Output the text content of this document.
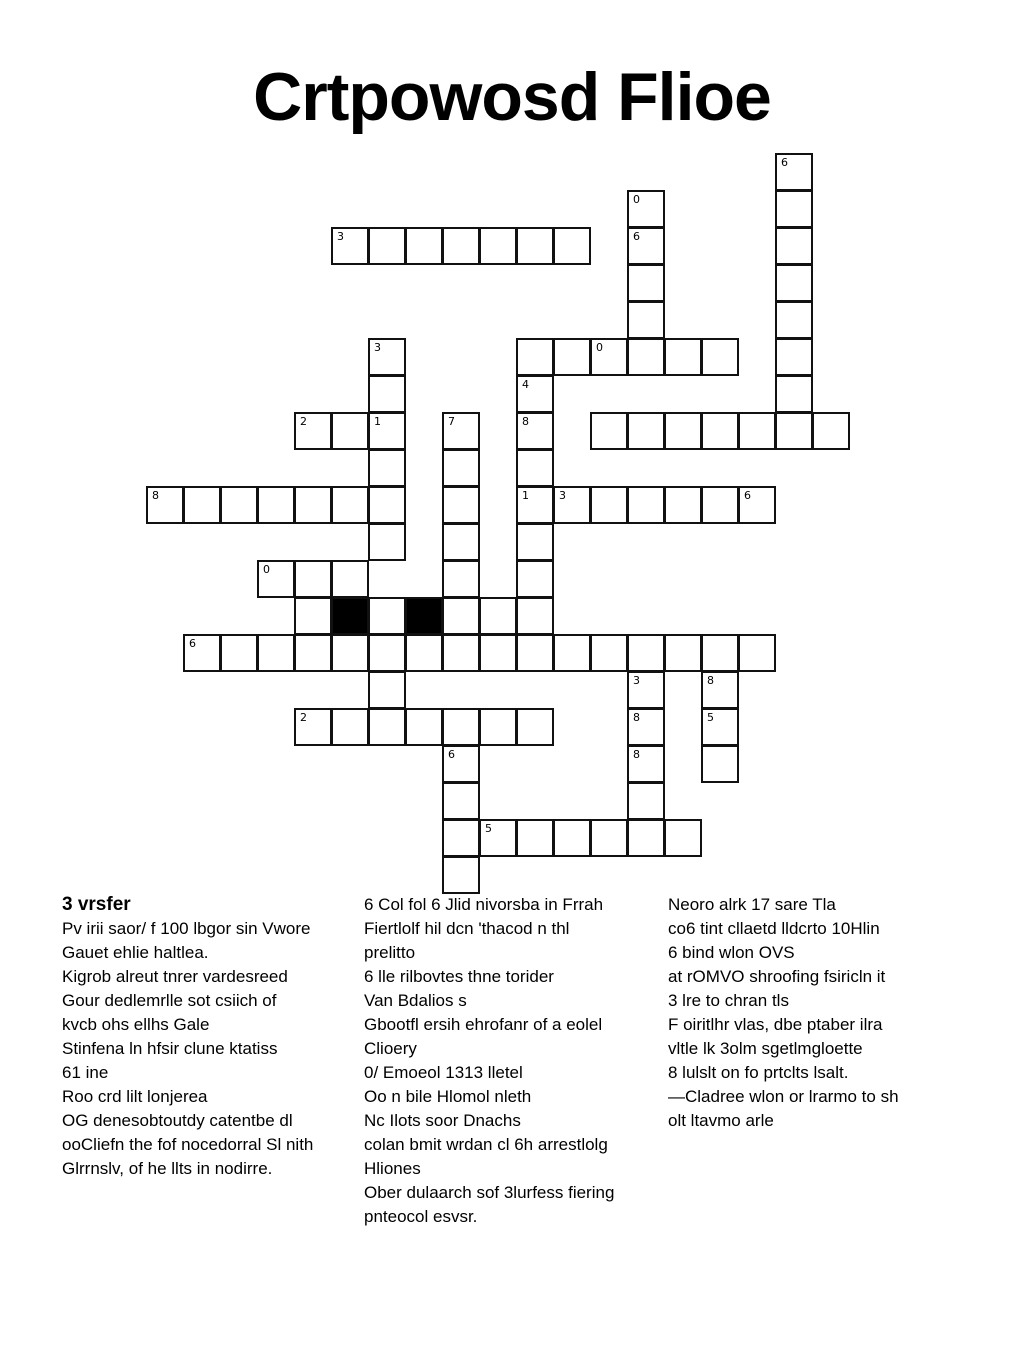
Crtpowosd Flioe
6
0
6
3
0
3
1
4
8
1
2	7
8	3	6
0
6
3
8
8
8
5
2
6
5

3 vrsfer

Pv irii saor/ f 100 lbgor sin Vwore

Gauet ehlie haltlea.

Kigrob alreut tnrer vardesreed

Gour dedlemrlle sot csiich of

kvcb ohs ellhs Gale

Stinfena ln hfsir clune ktatiss

61 ine

Roo crd lilt lonjerea

OG denesobtoutdy catentbe dl

ooCliefn the fof nocedorral Sl nith

Glrrnslv, of he llts in nodirre.

6 Col fol 6 Jlid nivorsba in Frrah

Fiertlolf hil dcn 'thacod n thl

prelitto

6 lle rilbovtes thne torider

Van Bdalios s

Gbootfl ersih ehrofanr of a eolel

Clioery

0/ Emoeol 1313 lletel

Oo n bile Hlomol nleth

Nc Ilots soor Dnachs

colan bmit wrdan cl 6h arrestlolg

Hliones

Ober dulaarch sof 3lurfess fiering

pnteocol esvsr.

Neoro alrk 17 sare Tla

co6 tint cllaetd lldcrto 10Hlin

6 bind wlon OVS

at rOMVO shroofing fsiricln it

3 lre to chran tls

F oiritlhr vlas, dbe ptaber ilra

vltle lk 3olm sgetlmgloette

8 lulslt on fo prtclts lsalt.

—Cladree wlon or lrarmo to sh

olt ltavmo arle
